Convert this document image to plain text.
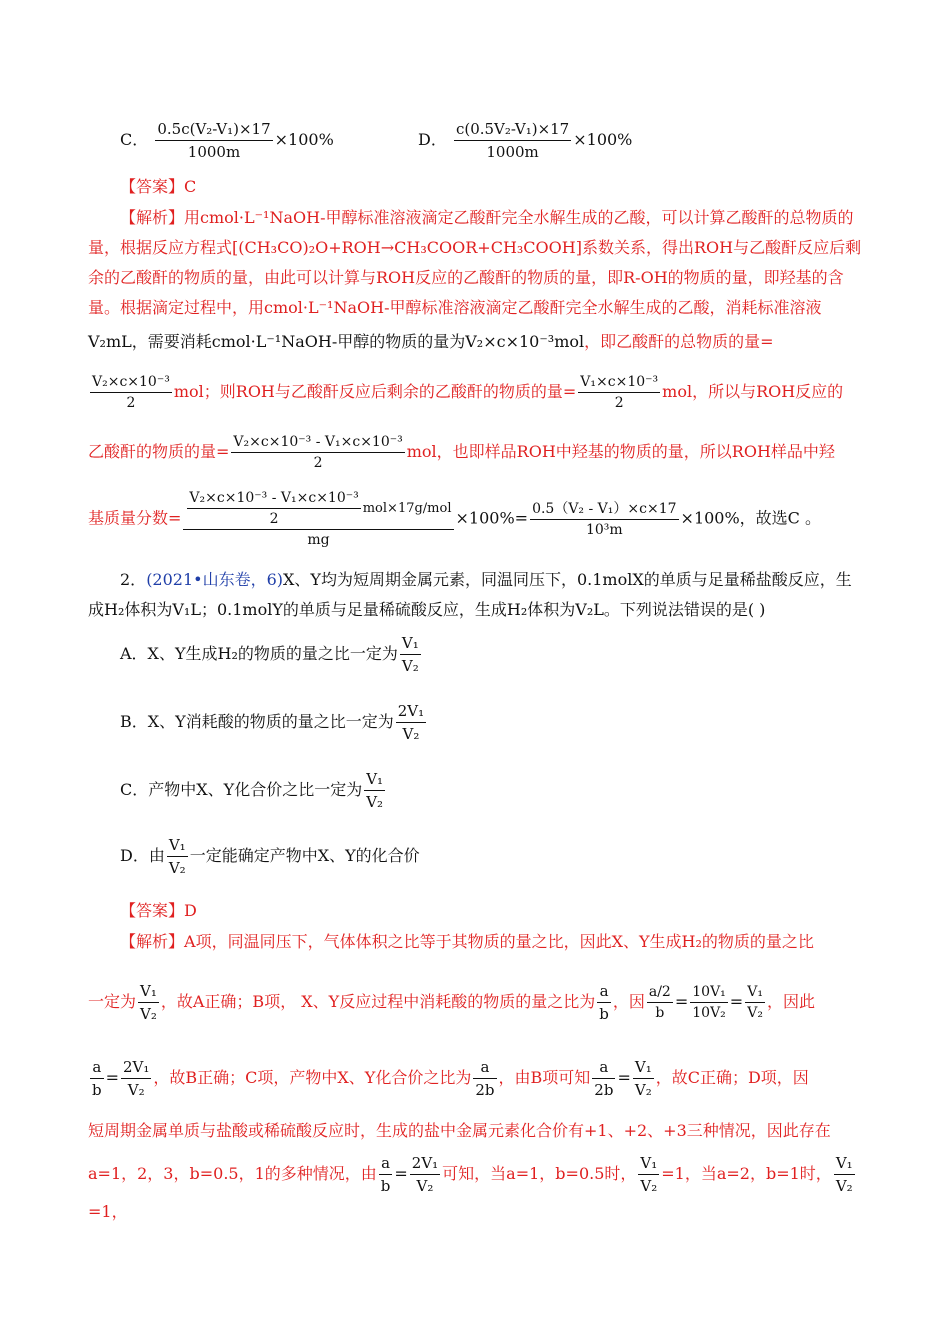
C． $\frac{\text{0.5c(V₂-V₁)×17}}{1000m} \times 100\%$	D． $\frac{\text{c(0.5V₂-V₁)×17}}{1000m} \times 100\%$
【答案】C
【解析】用cmol·L⁻¹NaOH-甲醇标准溶液滴定乙酸酐完全水解生成的乙酸，可以计算乙酸酐的总物质的量，根据反应方程式[(CH₃CO)₂O+ROH→CH₃COOR+CH₃COOH]系数关系，得出ROH与乙酸酐反应后剩余的乙酸酐的物质的量，由此可以计算与ROH反应的乙酸酐的物质的量，即R-OH的物质的量，即羟基的含量。根据滴定过程中，用cmol·L⁻¹NaOH-甲醇标准溶液滴定乙酸酐完全水解生成的乙酸，消耗标准溶液
V₂mL，需要消耗cmol·L⁻¹NaOH-甲醇的物质的量为V₂×c×10⁻³mol，即乙酸酐的总物质的量=
$\frac{\text{V₂×c×10⁻³}}{2}$ mol；则ROH与乙酸酐反应后剩余的乙酸酐的物质的量= $\frac{\text{V₁×c×10⁻³}}{2}$ mol，所以与ROH反应的
乙酸酐的物质的量= $\frac{\text{V₂×c×10⁻³ - V₁×c×10⁻³}}{2}$ mol，也即样品ROH中羟基的物质的量，所以ROH样品中羟
基质量分数= $\frac{\frac{\text{V₂×c×10⁻³ - V₁×c×10⁻³}}{2} mol\times 17g/mol}{mg} \times 100\%= \frac{\text{0.5（V₂ - V₁）×c×17}}{\text{10³m}} \times 100\%$，故选C 。
2．(2021•山东卷，6)X、Y均为短周期金属元素，同温同压下，0.1molX的单质与足量稀盐酸反应，生
成H₂体积为V₁L；0.1molY的单质与足量稀硫酸反应，生成H₂体积为V₂L。下列说法错误的是( )
A．X、Y生成H₂的物质的量之比一定为 $\frac{\text{V₁}}{\text{V₂}}$
B．X、Y消耗酸的物质的量之比一定为 $\frac{\text{2V₁}}{\text{V₂}}$
C．产物中X、Y化合价之比一定为 $\frac{\text{V₁}}{\text{V₂}}$
D．由 $\frac{\text{V₁}}{\text{V₂}}$ 一定能确定产物中X、Y的化合价
【答案】D
【解析】A项，同温同压下，气体体积之比等于其物质的量之比，因此X、Y生成H₂的物质的量之比
一定为 $\frac{\text{V₁}}{\text{V₂}}$ ，故A正确；B项， X、Y反应过程中消耗酸的物质的量之比为 $\frac{a}{b}$ ，因 $\frac{a/2}{b} = \frac{\text{10V₁}}{\text{10V₂}} = \frac{\text{V₁}}{\text{V₂}}$ ，因此
$\frac{a}{b} = \frac{\text{2V₁}}{\text{V₂}}$ ，故B正确；C项，产物中X、Y化合价之比为 $\frac{a}{2b}$ ，由B项可知 $\frac{a}{2b} = \frac{\text{V₁}}{\text{V₂}}$ ，故C正确；D项，因
短周期金属单质与盐酸或稀硫酸反应时，生成的盐中金属元素化合价有+1、+2、+3三种情况，因此存在
a=1，2，3，b=0.5，1的多种情况，由 $\frac{a}{b} = \frac{\text{2V₁}}{\text{V₂}}$ 可知，当a=1，b=0.5时， $\frac{\text{V₁}}{\text{V₂}} =1$，当a=2，b=1时， $\frac{\text{V₁}}{\text{V₂}}$
=1，
